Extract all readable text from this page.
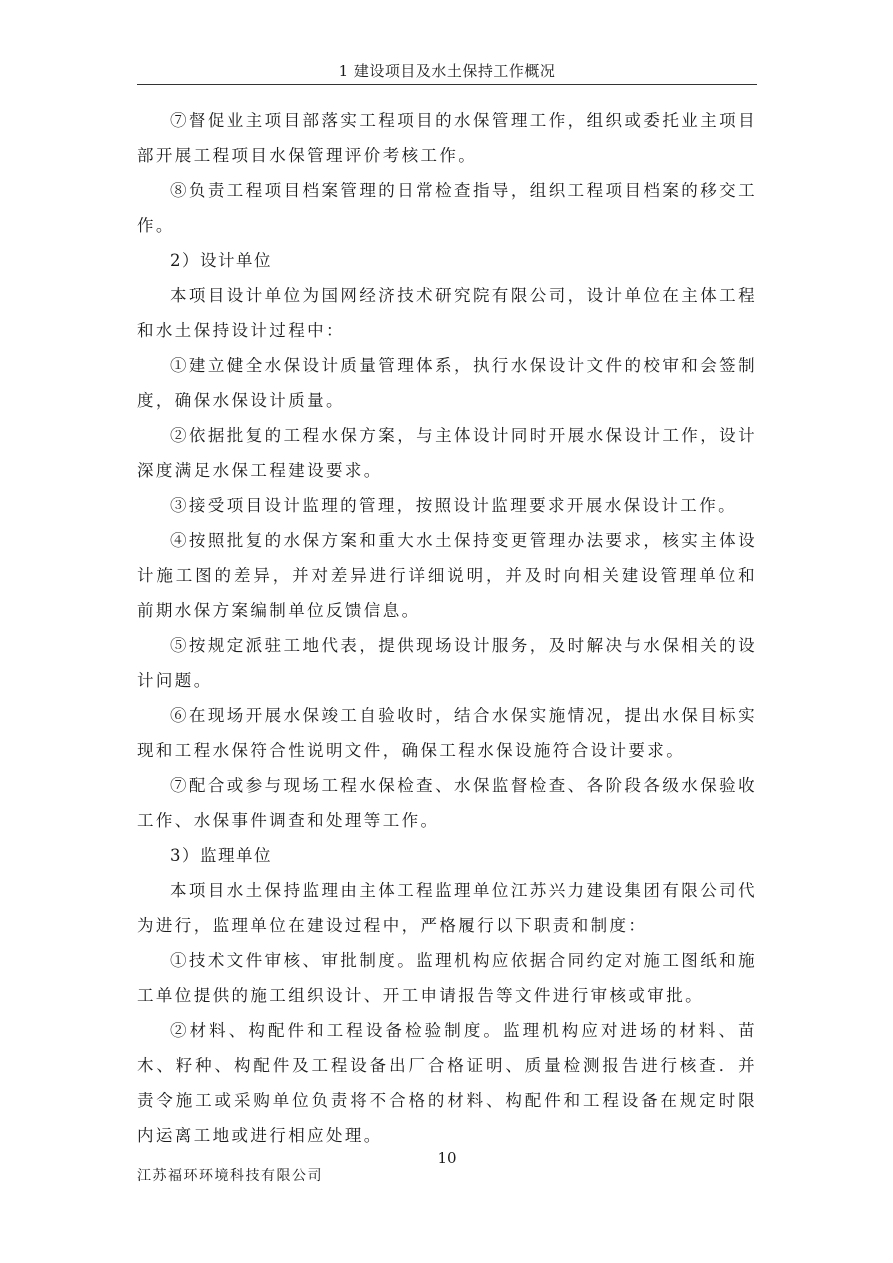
1 建设项目及水土保持工作概况

⑦督促业主项目部落实工程项目的水保管理工作，组织或委托业主项目部开展工程项目水保管理评价考核工作。

⑧负责工程项目档案管理的日常检查指导，组织工程项目档案的移交工作。

2）设计单位

本项目设计单位为国网经济技术研究院有限公司，设计单位在主体工程和水土保持设计过程中：

①建立健全水保设计质量管理体系，执行水保设计文件的校审和会签制度，确保水保设计质量。

②依据批复的工程水保方案，与主体设计同时开展水保设计工作，设计深度满足水保工程建设要求。

③接受项目设计监理的管理，按照设计监理要求开展水保设计工作。

④按照批复的水保方案和重大水土保持变更管理办法要求，核实主体设计施工图的差异，并对差异进行详细说明，并及时向相关建设管理单位和前期水保方案编制单位反馈信息。

⑤按规定派驻工地代表，提供现场设计服务，及时解决与水保相关的设计问题。

⑥在现场开展水保竣工自验收时，结合水保实施情况，提出水保目标实现和工程水保符合性说明文件，确保工程水保设施符合设计要求。

⑦配合或参与现场工程水保检查、水保监督检查、各阶段各级水保验收工作、水保事件调查和处理等工作。

3）监理单位

本项目水土保持监理由主体工程监理单位江苏兴力建设集团有限公司代为进行，监理单位在建设过程中，严格履行以下职责和制度：

①技术文件审核、审批制度。监理机构应依据合同约定对施工图纸和施工单位提供的施工组织设计、开工申请报告等文件进行审核或审批。

②材料、构配件和工程设备检验制度。监理机构应对进场的材料、苗木、籽种、构配件及工程设备出厂合格证明、质量检测报告进行核查．并责令施工或采购单位负责将不合格的材料、构配件和工程设备在规定时限内运离工地或进行相应处理。

10
江苏福环环境科技有限公司
